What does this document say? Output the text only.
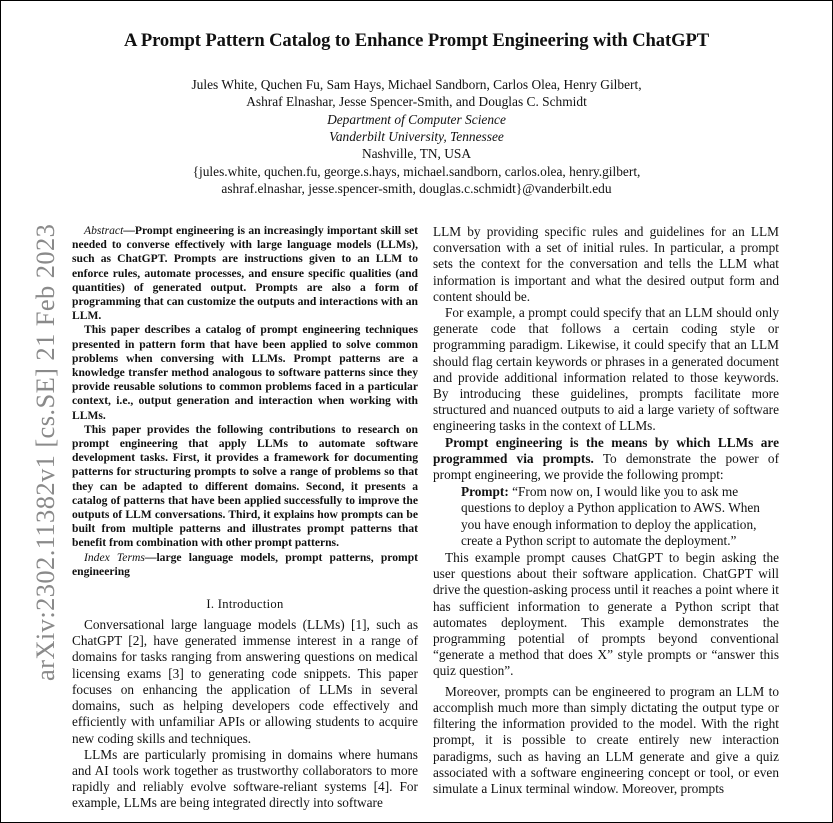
A Prompt Pattern Catalog to Enhance Prompt Engineering with ChatGPT
Jules White, Quchen Fu, Sam Hays, Michael Sandborn, Carlos Olea, Henry Gilbert,
Ashraf Elnashar, Jesse Spencer-Smith, and Douglas C. Schmidt
Department of Computer Science
Vanderbilt University, Tennessee
Nashville, TN, USA
{jules.white, quchen.fu, george.s.hays, michael.sandborn, carlos.olea, henry.gilbert,
ashraf.elnashar, jesse.spencer-smith, douglas.c.schmidt}@vanderbilt.edu
arXiv:2302.11382v1 [cs.SE] 21 Feb 2023	Abstract—Prompt engineering is an increasingly important skill set needed to converse effectively with large language models (LLMs), such as ChatGPT. Prompts are instructions given to an LLM to enforce rules, automate processes, and ensure specific qualities (and quantities) of generated output. Prompts are also a form of programming that can customize the outputs and interactions with an LLM.

This paper describes a catalog of prompt engineering techniques presented in pattern form that have been applied to solve common problems when conversing with LLMs. Prompt patterns are a knowledge transfer method analogous to software patterns since they provide reusable solutions to common problems faced in a particular context, i.e., output generation and interaction when working with LLMs.

This paper provides the following contributions to research on prompt engineering that apply LLMs to automate software development tasks. First, it provides a framework for documenting patterns for structuring prompts to solve a range of problems so that they can be adapted to different domains. Second, it presents a catalog of patterns that have been applied successfully to improve the outputs of LLM conversations. Third, it explains how prompts can be built from multiple patterns and illustrates prompt patterns that benefit from combination with other prompt patterns.

Index Terms—large language models, prompt patterns, prompt engineering

I. Introduction

Conversational large language models (LLMs) [1], such as ChatGPT [2], have generated immense interest in a range of domains for tasks ranging from answering questions on medical licensing exams [3] to generating code snippets. This paper focuses on enhancing the application of LLMs in several domains, such as helping developers code effectively and efficiently with unfamiliar APIs or allowing students to acquire new coding skills and techniques.

LLMs are particularly promising in domains where humans and AI tools work together as trustworthy collaborators to more rapidly and reliably evolve software-reliant systems [4]. For example, LLMs are being integrated directly into software

LLM by providing specific rules and guidelines for an LLM conversation with a set of initial rules. In particular, a prompt sets the context for the conversation and tells the LLM what information is important and what the desired output form and content should be.

For example, a prompt could specify that an LLM should only generate code that follows a certain coding style or programming paradigm. Likewise, it could specify that an LLM should flag certain keywords or phrases in a generated document and provide additional information related to those keywords. By introducing these guidelines, prompts facilitate more structured and nuanced outputs to aid a large variety of software engineering tasks in the context of LLMs.

Prompt engineering is the means by which LLMs are programmed via prompts. To demonstrate the power of prompt engineering, we provide the following prompt:

Prompt: “From now on, I would like you to ask me questions to deploy a Python application to AWS. When you have enough information to deploy the application, create a Python script to automate the deployment.”

This example prompt causes ChatGPT to begin asking the user questions about their software application. ChatGPT will drive the question-asking process until it reaches a point where it has sufficient information to generate a Python script that automates deployment. This example demonstrates the programming potential of prompts beyond conventional “generate a method that does X” style prompts or “answer this quiz question”.

Moreover, prompts can be engineered to program an LLM to accomplish much more than simply dictating the output type or filtering the information provided to the model. With the right prompt, it is possible to create entirely new interaction paradigms, such as having an LLM generate and give a quiz associated with a software engineering concept or tool, or even simulate a Linux terminal window. Moreover, prompts
